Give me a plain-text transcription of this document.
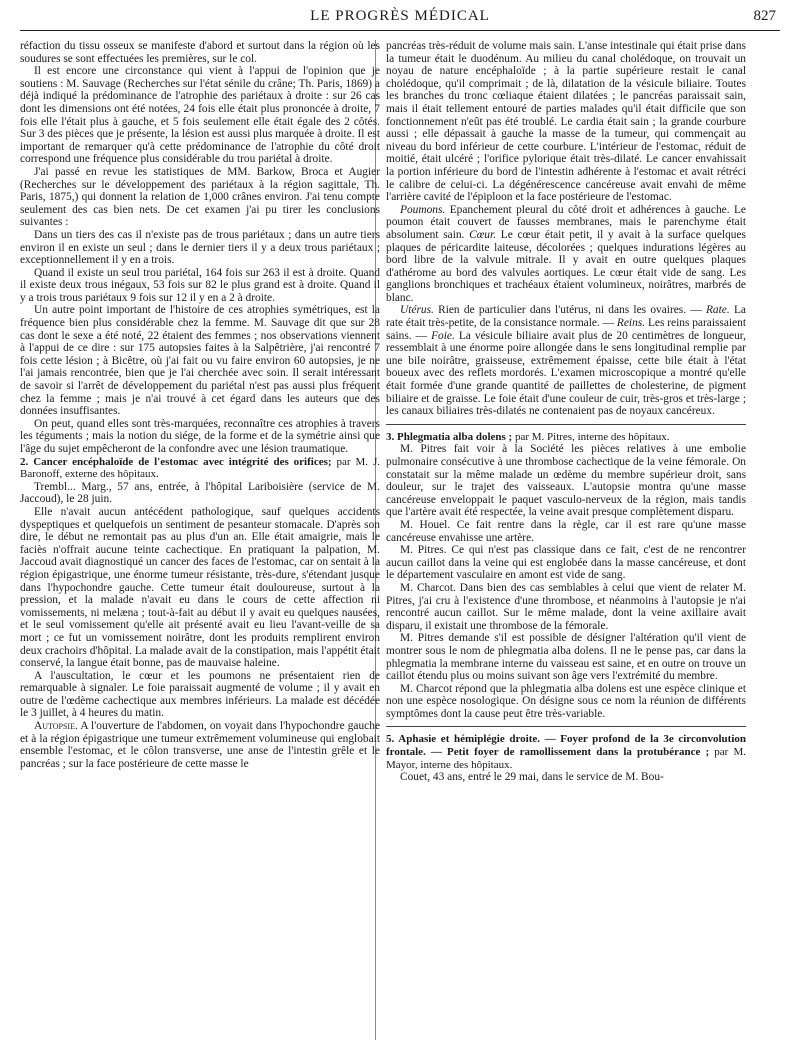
LE PROGRÈS MÉDICAL	827

réfaction du tissu osseux se manifeste d'abord et surtout dans la région où les soudures se sont effectuées les premières, sur le col.

Il est encore une circonstance qui vient à l'appui de l'opinion que je soutiens : M. Sauvage (Recherches sur l'état sénile du crâne; Th. Paris, 1869) a déjà indiqué la prédominance de l'atrophie des pariétaux à droite : sur 26 cas dont les dimensions ont été notées, 24 fois elle était plus prononcée à droite, 7 fois elle l'était plus à gauche, et 5 fois seulement elle était égale des 2 côtés. Sur 3 des pièces que je présente, la lésion est aussi plus marquée à droite. Il est important de remarquer qu'à cette prédominance de l'atrophie du côté droit correspond une fréquence plus considérable du trou pariétal à droite.

J'ai passé en revue les statistiques de MM. Barkow, Broca et Augier (Recherches sur le développement des pariétaux à la région sagittale, Th. Paris, 1875,) qui donnent la relation de 1,000 crânes environ. J'ai tenu compte seulement des cas bien nets. De cet examen j'ai pu tirer les conclusions suivantes :

Dans un tiers des cas il n'existe pas de trous pariétaux ; dans un autre tiers environ il en existe un seul ; dans le dernier tiers il y a deux trous pariétaux ; exceptionnellement il y en a trois.

Quand il existe un seul trou pariétal, 164 fois sur 263 il est à droite. Quand il existe deux trous inégaux, 53 fois sur 82 le plus grand est à droite. Quand il y a trois trous pariétaux 9 fois sur 12 il y en a 2 à droite.

Un autre point important de l'histoire de ces atrophies symétriques, est la fréquence bien plus considérable chez la femme. M. Sauvage dit que sur 28 cas dont le sexe a été noté, 22 étaient des femmes ; nos observations viennent à l'appui de ce dire : sur 175 autopsies faites à la Salpêtrière, j'ai rencontré 7 fois cette lésion ; à Bicêtre, où j'ai fait ou vu faire environ 60 autopsies, je ne l'ai jamais rencontrée, bien que je l'ai cherchée avec soin. Il serait intéressant de savoir si l'arrêt de développement du pariétal n'est pas aussi plus fréquent chez la femme ; mais je n'ai trouvé à cet égard dans les auteurs que des données insuffisantes.

On peut, quand elles sont très-marquées, reconnaître ces atrophies à travers les téguments ; mais la notion du siége, de la forme et de la symétrie ainsi que l'âge du sujet empêcheront de la confondre avec une lésion traumatique.

2. Cancer encéphaloïde de l'estomac avec intégrité des orifices; par M. J. Baronoff, externe des hôpitaux.

Trembl... Marg., 57 ans, entrée, à l'hôpital Lariboisière (service de M. Jaccoud), le 28 juin.

Elle n'avait aucun antécédent pathologique, sauf quelques accidents dyspeptiques et quelquefois un sentiment de pesanteur stomacale. D'après son dire, le début ne remontait pas au plus d'un an. Elle était amaigrie, mais le faciès n'offrait aucune teinte cachectique. En pratiquant la palpation, M. Jaccoud avait diagnostiqué un cancer des faces de l'estomac, car on sentait à la région épigastrique, une énorme tumeur résistante, très-dure, s'étendant jusque dans l'hypochondre gauche. Cette tumeur était douloureuse, surtout à la pression, et la malade n'avait eu dans le cours de cette affection ni vomissements, ni melæna ; tout-à-fait au début il y avait eu quelques nausées, et le seul vomissement qu'elle ait présenté avait eu lieu l'avant-veille de sa mort ; ce fut un vomissement noirâtre, dont les produits remplirent environ deux crachoirs d'hôpital. La malade avait de la constipation, mais l'appétit était conservé, la langue était bonne, pas de mauvaise haleine.

A l'auscultation, le cœur et les poumons ne présentaient rien de remarquable à signaler. Le foie paraissait augmenté de volume ; il y avait en outre de l'œdème cachectique aux membres inférieurs. La malade est décédée le 3 juillet, à 4 heures du matin.

Autopsie. A l'ouverture de l'abdomen, on voyait dans l'hypochondre gauche et à la région épigastrique une tumeur extrêmement volumineuse qui englobait ensemble l'estomac, et le côlon transverse, une anse de l'intestin grêle et le pancréas ; sur la face postérieure de cette masse le

pancréas très-réduit de volume mais sain. L'anse intestinale qui était prise dans la tumeur était le duodénum. Au milieu du canal cholédoque, on trouvait un noyau de nature encéphaloïde ; à la partie supérieure restait le canal cholédoque, qu'il comprimait ; de là, dilatation de la vésicule biliaire. Toutes les branches du tronc cœliaque étaient dilatées ; le pancréas paraissait sain, mais il était tellement entouré de parties malades qu'il était difficile que son fonctionnement n'eût pas été troublé. Le cardia était sain ; la grande courbure aussi ; elle dépassait à gauche la masse de la tumeur, qui commençait au niveau du bord inférieur de cette courbure. L'intérieur de l'estomac, réduit de moitié, était ulcéré ; l'orifice pylorique était très-dilaté. Le cancer envahissait la portion inférieure du bord de l'intestin adhérente à l'estomac et avait rétréci le calibre de celui-ci. La dégénérescence cancéreuse avait envahi de même l'arrière cavité de l'épiploon et la face postérieure de l'estomac.

Poumons. Epanchement pleural du côté droit et adhérences à gauche. Le poumon était couvert de fausses membranes, mais le parenchyme était absolument sain. Cœur. Le cœur était petit, il y avait à la surface quelques plaques de péricardite laiteuse, décolorées ; quelques indurations légères au bord libre de la valvule mitrale. Il y avait en outre quelques plaques d'athérome au bord des valvules aortiques. Le cœur était vide de sang. Les ganglions bronchiques et trachéaux étaient volumineux, noirâtres, marbrés de blanc.

Utérus. Rien de particulier dans l'utérus, ni dans les ovaires. — Rate. La rate était très-petite, de la consistance normale. — Reins. Les reins paraissaient sains. — Foie. La vésicule biliaire avait plus de 20 centimètres de longueur, ressemblait à une énorme poire allongée dans le sens longitudinal remplie par une bile noirâtre, graisseuse, extrêmement épaisse, cette bile était à l'état boueux avec des reflets mordorés. L'examen microscopique a montré qu'elle était formée d'une grande quantité de paillettes de cholesterine, de pigment biliaire et de graisse. Le foie était d'une couleur de cuir, très-gros et très-large ; les canaux biliaires très-dilatés ne contenaient pas de noyaux cancéreux.

3. Phlegmatia alba dolens ; par M. Pitres, interne des hôpitaux.

M. Pitres fait voir à la Société les pièces relatives à une embolie pulmonaire consécutive à une thrombose cachectique de la veine fémorale. On constatait sur la même malade un œdème du membre supérieur droit, sans douleur, sur le trajet des vaisseaux. L'autopsie montra qu'une masse cancéreuse enveloppait le paquet vasculo-nerveux de la région, mais tandis que l'artère avait été respectée, la veine avait presque complètement disparu.

M. Houel. Ce fait rentre dans la règle, car il est rare qu'une masse cancéreuse envahisse une artère.

M. Pitres. Ce qui n'est pas classique dans ce fait, c'est de ne rencontrer aucun caillot dans la veine qui est englobée dans la masse cancéreuse, et dont le département vasculaire en amont est vide de sang.

M. Charcot. Dans bien des cas semblables à celui que vient de relater M. Pitres, j'ai cru à l'existence d'une thrombose, et néanmoins à l'autopsie je n'ai rencontré aucun caillot. Sur le même malade, dont la veine axillaire avait disparu, il existait une thrombose de la fémorale.

M. Pitres demande s'il est possible de désigner l'altération qu'il vient de montrer sous le nom de phlegmatia alba dolens. Il ne le pense pas, car dans la phlegmatia la membrane interne du vaisseau est saine, et en outre on trouve un caillot étendu plus ou moins suivant son âge vers l'extrémité du membre.

M. Charcot répond que la phlegmatia alba dolens est une espèce clinique et non une espèce nosologique. On désigne sous ce nom la réunion de différents symptômes dont la cause peut être très-variable.

5. Aphasie et hémiplégie droite. — Foyer profond de la 3e circonvolution frontale. — Petit foyer de ramollissement dans la protubérance ; par M. Mayor, interne des hôpitaux.

Couet, 43 ans, entré le 29 mai, dans le service de M. Bou-
